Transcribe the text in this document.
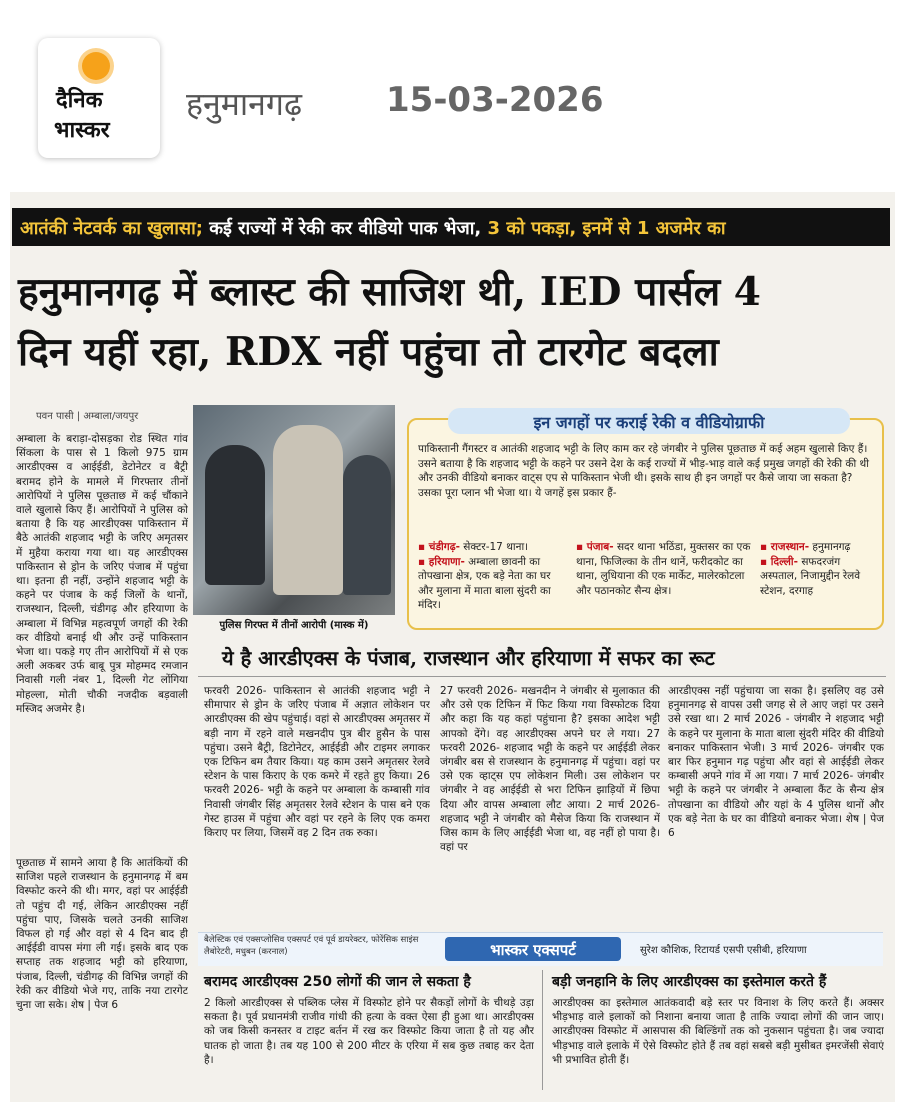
दैनिक
भास्कर
हनुमानगढ़ 15-03-2026
आतंकी नेटवर्क का खुलासा; कई राज्यों में रेकी कर वीडियो पाक भेजा, 3 को पकड़ा, इनमें से 1 अजमेर का
हनुमानगढ़ में ब्लास्ट की साजिश थी, IED पार्सल 4
दिन यहीं रहा, RDX नहीं पहुंचा तो टारगेट बदला
पवन पासी | अम्बाला/जयपुर
अम्बाला के बराड़ा-दोसड़का रोड स्थित गांव सिंकला के पास से 1 किलो 975 ग्राम आरडीएक्स व आईईडी, डेटोनेटर व बैट्री बरामद होने के मामले में गिरफ्तार तीनों आरोपियों ने पुलिस पूछताछ में कई चौंकाने वाले खुलासे किए हैं। आरोपियों ने पुलिस को बताया है कि यह आरडीएक्स पाकिस्तान में बैठे आतंकी शहजाद भट्टी के जरिए अमृतसर में मुहैया कराया गया था। यह आरडीएक्स पाकिस्तान से ड्रोन के जरिए पंजाब में पहुंचा था। इतना ही नहीं, उन्होंने शहजाद भट्टी के कहने पर पंजाब के कई जिलों के थानों, राजस्थान, दिल्ली, चंडीगढ़ और हरियाणा के अम्बाला में विभिन्न महत्वपूर्ण जगहों की रेकी कर वीडियो बनाई थी और उन्हें पाकिस्तान भेजा था। पकड़े गए तीन आरोपियों में से एक अली अकबर उर्फ बाबू पुत्र मोहम्मद रमजान निवासी गली नंबर 1, दिल्ली गेट लोंगिया मोहल्ला, मोती चौकी नजदीक बड़वाली मस्जिद अजमेर है।
पूछताछ में सामने आया है कि आतंकियों की साजिश पहले राजस्थान के हनुमानगढ़ में बम विस्फोट करने की थी। मगर, वहां पर आईईडी तो पहुंच दी गई, लेकिन आरडीएक्स नहीं पहुंचा पाए, जिसके चलते उनकी साजिश विफल हो गई और वहां से 4 दिन बाद ही आईईडी वापस मंगा ली गई। इसके बाद एक सप्ताह तक शहजाद भट्टी को हरियाणा, पंजाब, दिल्ली, चंडीगढ़ की विभिन्न जगहों की रेकी कर वीडियो भेजे गए, ताकि नया टारगेट चुना जा सके। शेष | पेज 6
पुलिस गिरफ्त में तीनों आरोपी (मास्क में)
इन जगहों पर कराई रेकी व वीडियोग्राफी
पाकिस्तानी गैंगस्टर व आतंकी शहजाद भट्टी के लिए काम कर रहे जंगबीर ने पुलिस पूछताछ में कई अहम खुलासे किए हैं। उसने बताया है कि शहजाद भट्टी के कहने पर उसने देश के कई राज्यों में भीड़-भाड़ वाले कई प्रमुख जगहों की रेकी की थी और उनकी वीडियो बनाकर वाट्स एप से पाकिस्तान भेजी थी। इसके साथ ही इन जगहों पर कैसे जाया जा सकता है? उसका पूरा प्लान भी भेजा था। ये जगहें इस प्रकार हैं-
▪ चंडीगढ़- सेक्टर-17 थाना।
▪ हरियाणा- अम्बाला छावनी का तोपखाना क्षेत्र, एक बड़े नेता का घर और मुलाना में माता बाला सुंदरी का मंदिर।
▪ पंजाब- सदर थाना भठिंडा, मुक्तसर का एक थाना, फिजिल्का के तीन थानें, फरीदकोट का थाना, लुधियाना की एक मार्केट, मालेरकोटला और पठानकोट सैन्य क्षेत्र।
▪ राजस्थान- हनुमानगढ़
▪ दिल्ली- सफदरजंग अस्पताल, निजामुद्दीन रेलवे स्टेशन, दरगाह
ये है आरडीएक्स के पंजाब, राजस्थान और हरियाणा में सफर का रूट
फरवरी 2026- पाकिस्तान से आतंकी शहजाद भट्टी ने सीमापार से ड्रोन के जरिए पंजाब में अज्ञात लोकेशन पर आरडीएक्स की खेप पहुंचाई। वहां से आरडीएक्स अमृतसर में बड़ी नाग में रहने वाले मखनदीप पुत्र बीर हुसैन के पास पहुंचा। उसने बैट्री, डिटोनेटर, आईईडी और टाइमर लगाकर एक टिफिन बम तैयार किया। यह काम उसने अमृतसर रेलवे स्टेशन के पास किराए के एक कमरे में रहते हुए किया। 26 फरवरी 2026- भट्टी के कहने पर अम्बाला के कम्बासी गांव निवासी जंगबीर सिंह अमृतसर रेलवे स्टेशन के पास बने एक गेस्ट हाउस में पहुंचा और वहां पर रहने के लिए एक कमरा किराए पर लिया, जिसमें वह 2 दिन तक रुका।
27 फरवरी 2026- मखनदीन ने जंगबीर से मुलाकात की और उसे एक टिफिन में फिट किया गया विस्फोटक दिया और कहा कि यह कहां पहुंचाना है? इसका आदेश भट्टी आपको देंगे। वह आरडीएक्स अपने घर ले गया। 27 फरवरी 2026- शहजाद भट्टी के कहने पर आईईडी लेकर जंगबीर बस से राजस्थान के हनुमानगढ़ में पहुंचा। वहां पर उसे एक व्हाट्स एप लोकेशन मिली। उस लोकेशन पर जंगबीर ने वह आईईडी से भरा टिफिन झाड़ियों में छिपा दिया और वापस अम्बाला लौट आया। 2 मार्च 2026- शहजाद भट्टी ने जंगबीर को मैसेज किया कि राजस्थान में जिस काम के लिए आईईडी भेजा था, वह नहीं हो पाया है। वहां पर
आरडीएक्स नहीं पहुंचाया जा सका है। इसलिए वह उसे हनुमानगढ़ से वापस उसी जगह से ले आए जहां पर उसने उसे रखा था। 2 मार्च 2026 - जंगबीर ने शहजाद भट्टी के कहने पर मुलाना के माता बाला सुंदरी मंदिर की वीडियो बनाकर पाकिस्तान भेजी। 3 मार्च 2026- जंगबीर एक बार फिर हनुमान गढ़ पहुंचा और वहां से आईईडी लेकर कम्बासी अपने गांव में आ गया। 7 मार्च 2026- जंगबीर भट्टी के कहने पर जंगबीर ने अम्बाला कैंट के सैन्य क्षेत्र तोपखाना का वीडियो और यहां के 4 पुलिस थानों और एक बड़े नेता के घर का वीडियो बनाकर भेजा। शेष | पेज 6
बैलेस्टिक एवं एक्सप्लोसिव एक्सपर्ट एवं पूर्व डायरेक्टर, फोरेंसिक साइंस लैबोरेटरी, मधुबन (करनाल)	भास्कर एक्सपर्ट	सुरेश कौशिक, रिटायर्ड एसपी एसीबी, हरियाणा
बरामद आरडीएक्स 250 लोगों की जान ले सकता है
2 किलो आरडीएक्स से पब्लिक प्लेस में विस्फोट होने पर सैकड़ों लोगों के चीथड़े उड़ा सकता है। पूर्व प्रधानमंत्री राजीव गांधी की हत्या के वक्त ऐसा ही हुआ था। आरडीएक्स को जब किसी कनस्तर व टाइट बर्तन में रख कर विस्फोट किया जाता है तो यह और घातक हो जाता है। तब यह 100 से 200 मीटर के एरिया में सब कुछ तबाह कर देता है।
बड़ी जनहानि के लिए आरडीएक्स का इस्तेमाल करते हैं
आरडीएक्स का इस्तेमाल आतंकवादी बड़े स्तर पर विनाश के लिए करते हैं। अक्सर भीड़भाड़ वाले इलाकों को निशाना बनाया जाता है ताकि ज्यादा लोगों की जान जाए। आरडीएक्स विस्फोट में आसपास की बिल्डिंगों तक को नुकसान पहुंचता है। जब ज्यादा भीड़भाड़ वाले इलाके में ऐसे विस्फोट होते हैं तब वहां सबसे बड़ी मुसीबत इमरजेंसी सेवाएं भी प्रभावित होती हैं।
